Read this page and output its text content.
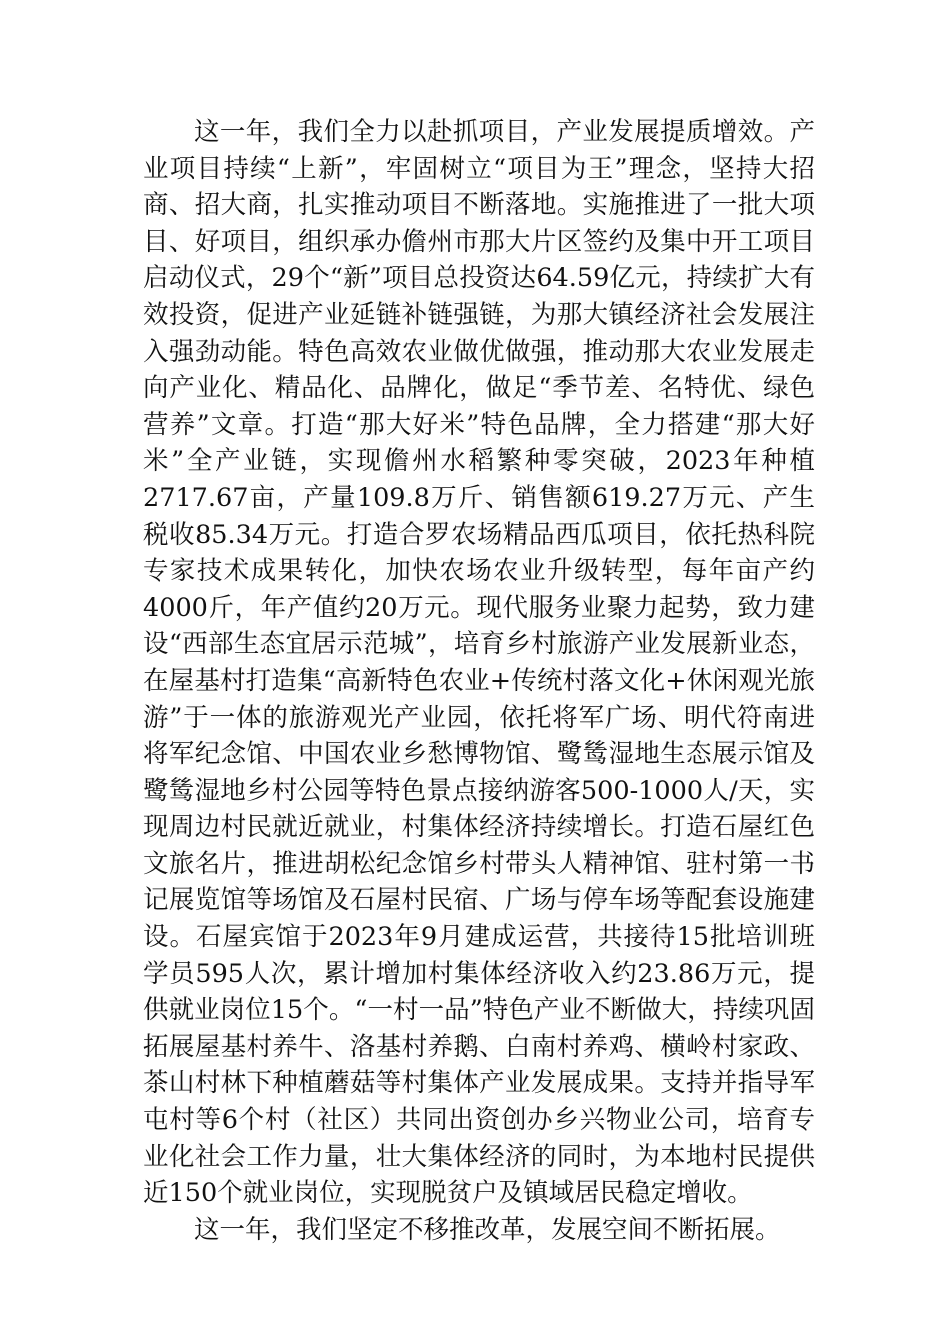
这一年，我们全力以赴抓项目，产业发展提质增效。产业项目持续“上新”，牢固树立“项目为王”理念，坚持大招商、招大商，扎实推动项目不断落地。实施推进了一批大项目、好项目，组织承办儋州市那大片区签约及集中开工项目启动仪式，29个“新”项目总投资达64.59亿元，持续扩大有效投资，促进产业延链补链强链，为那大镇经济社会发展注入强劲动能。特色高效农业做优做强，推动那大农业发展走向产业化、精品化、品牌化，做足“季节差、名特优、绿色营养”文章。打造“那大好米”特色品牌，全力搭建“那大好米”全产业链，实现儋州水稻繁种零突破，2023年种植2717.67亩，产量109.8万斤、销售额619.27万元、产生税收85.34万元。打造合罗农场精品西瓜项目，依托热科院专家技术成果转化，加快农场农业升级转型，每年亩产约4000斤，年产值约20万元。现代服务业聚力起势，致力建设“西部生态宜居示范城”，培育乡村旅游产业发展新业态，在屋基村打造集“高新特色农业+传统村落文化+休闲观光旅游”于一体的旅游观光产业园，依托将军广场、明代符南进将军纪念馆、中国农业乡愁博物馆、鹭鸶湿地生态展示馆及鹭鸶湿地乡村公园等特色景点接纳游客500-1000人/天，实现周边村民就近就业，村集体经济持续增长。打造石屋红色文旅名片，推进胡松纪念馆乡村带头人精神馆、驻村第一书记展览馆等场馆及石屋村民宿、广场与停车场等配套设施建设。石屋宾馆于2023年9月建成运营，共接待15批培训班学员595人次，累计增加村集体经济收入约23.86万元，提供就业岗位15个。“一村一品”特色产业不断做大，持续巩固拓展屋基村养牛、洛基村养鹅、白南村养鸡、横岭村家政、茶山村林下种植蘑菇等村集体产业发展成果。支持并指导军屯村等6个村（社区）共同出资创办乡兴物业公司，培育专业化社会工作力量，壮大集体经济的同时，为本地村民提供近150个就业岗位，实现脱贫户及镇域居民稳定增收。

这一年，我们坚定不移推改革，发展空间不断拓展。
